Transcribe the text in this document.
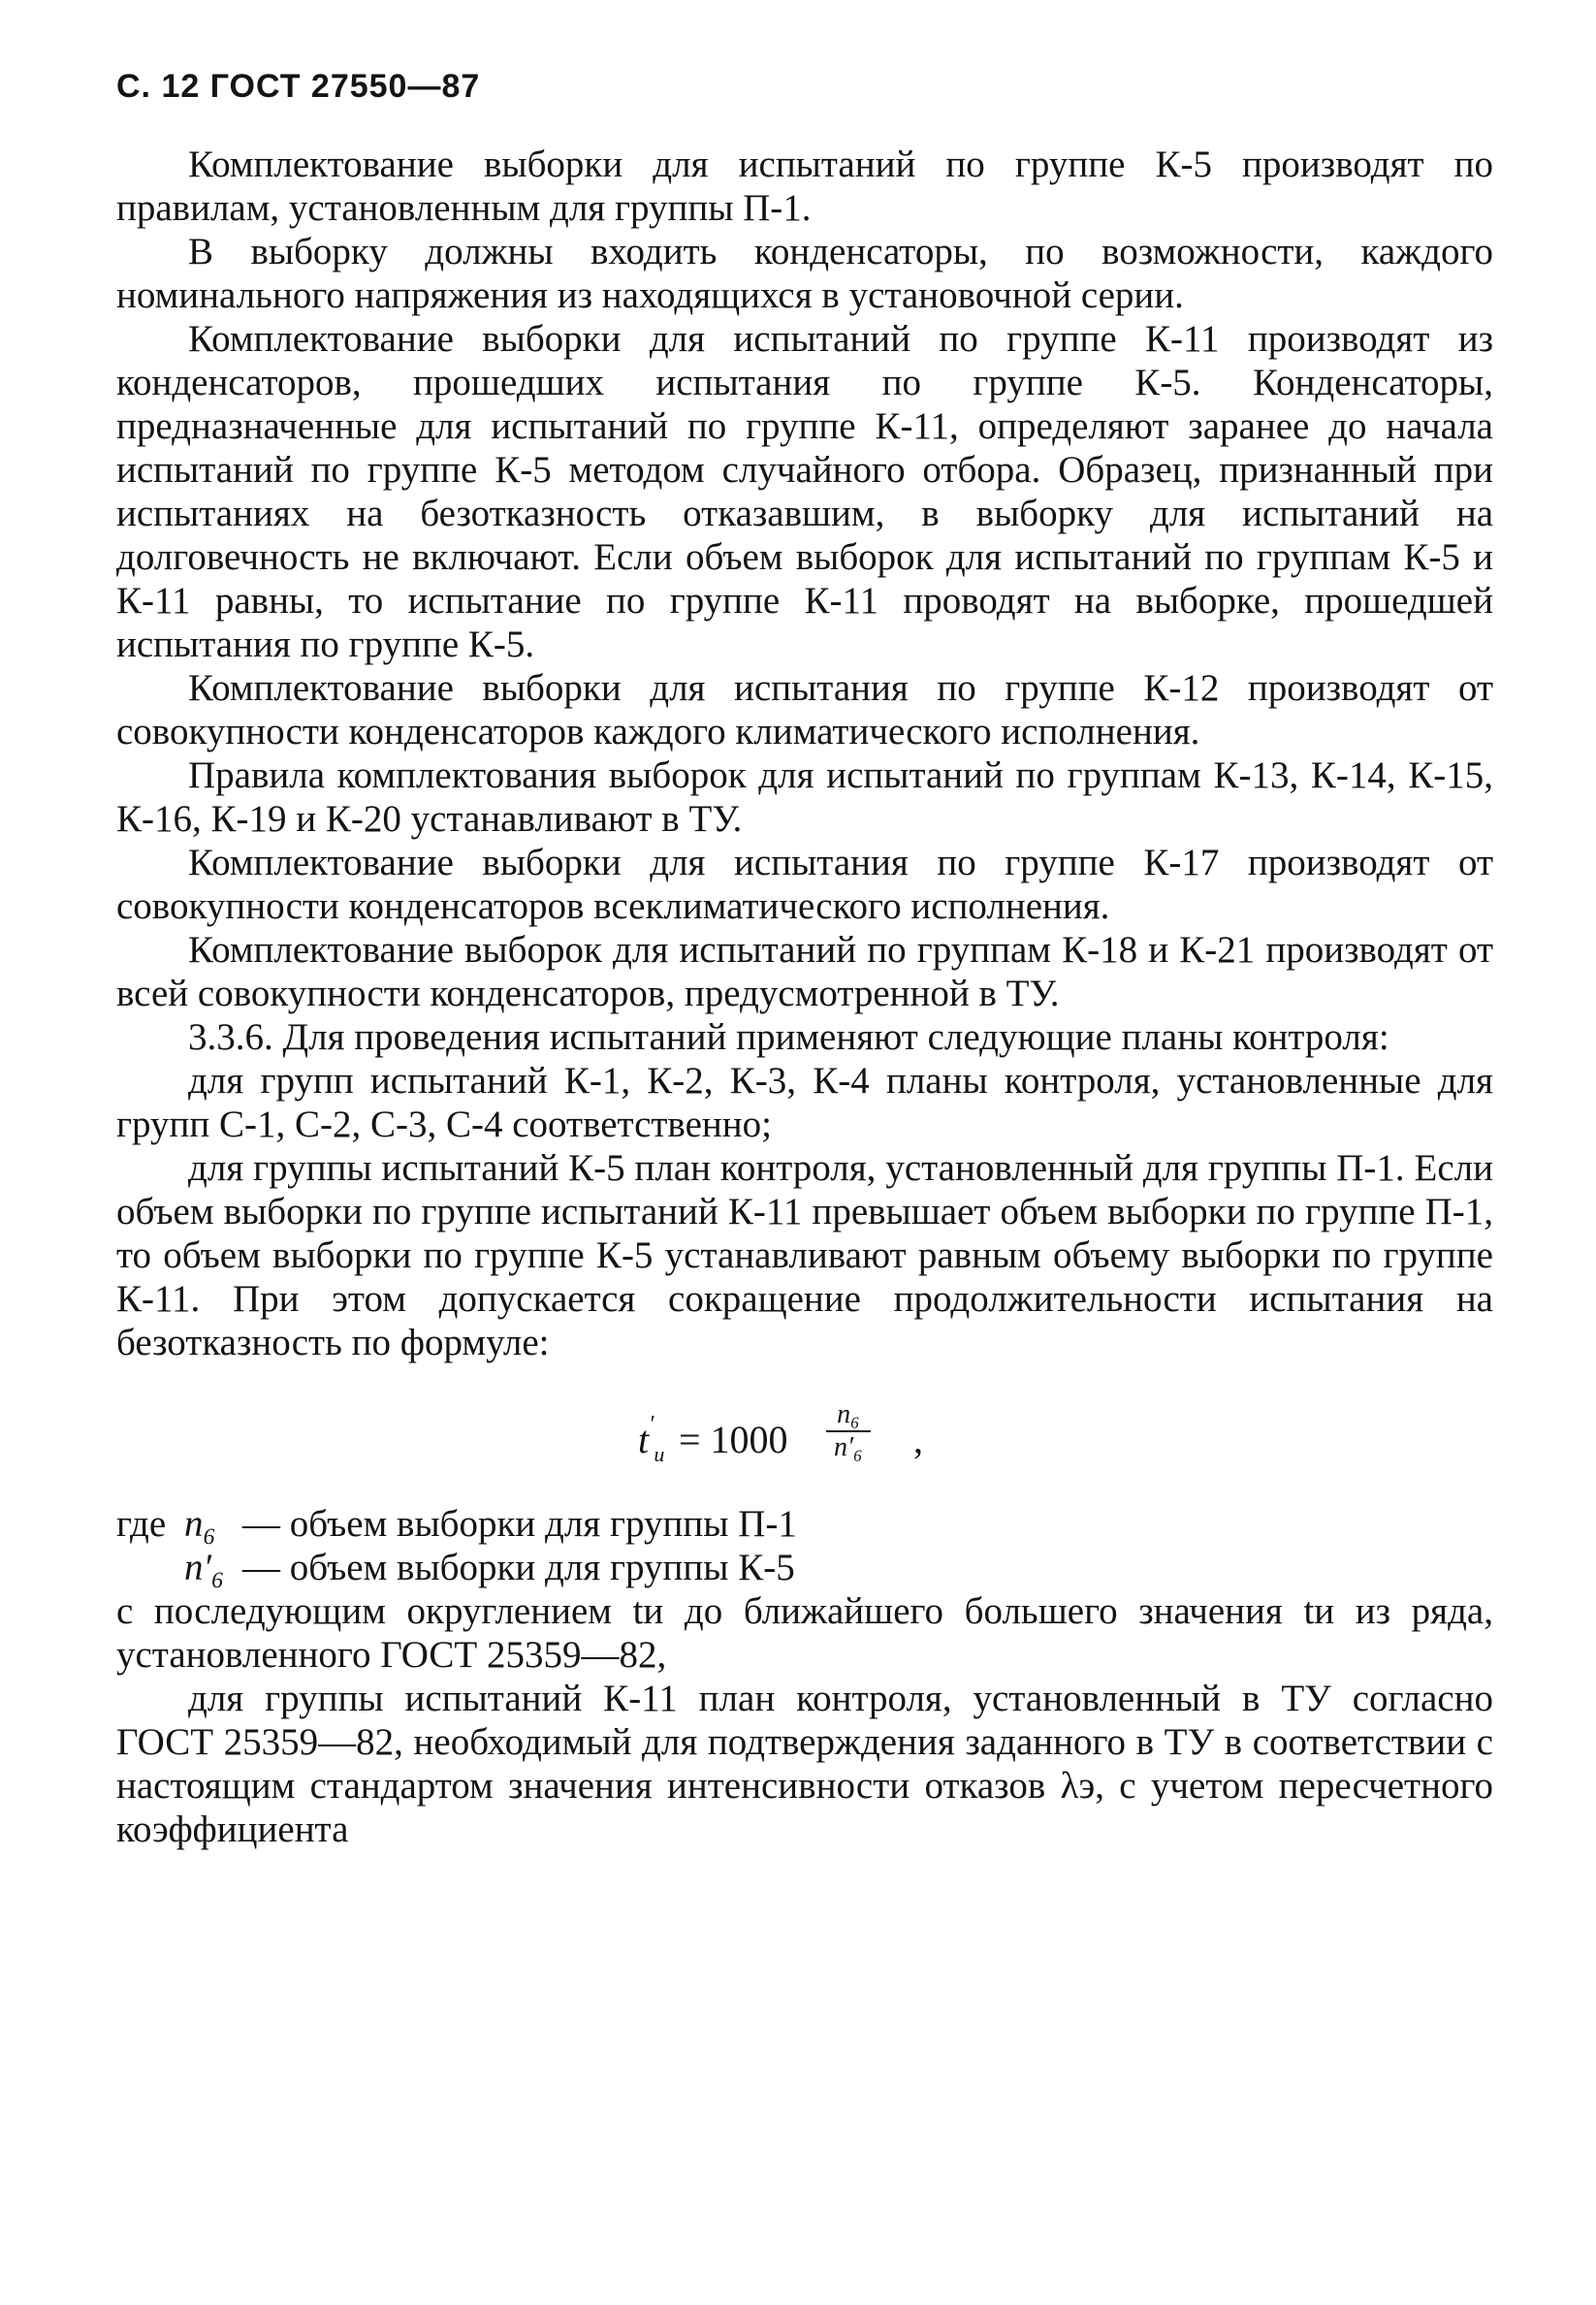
С. 12 ГОСТ 27550—87

Комплектование выборки для испытаний по группе К-5 производят по правилам, установленным для группы П-1.

В выборку должны входить конденсаторы, по возможности, каждого номинального напряжения из находящихся в установочной серии.

Комплектование выборки для испытаний по группе К-11 производят из конденсаторов, прошедших испытания по группе К-5. Конденсаторы, предназначенные для испытаний по группе К-11, определяют заранее до начала испытаний по группе К-5 методом случайного отбора. Образец, признанный при испытаниях на безотказность отказавшим, в выборку для испытаний на долговечность не включают. Если объем выборок для испытаний по группам К-5 и К-11 равны, то испытание по группе К-11 проводят на выборке, прошедшей испытания по группе К-5.

Комплектование выборки для испытания по группе К-12 производят от совокупности конденсаторов каждого климатического исполнения.

Правила комплектования выборок для испытаний по группам К-13, К-14, К-15, К-16, К-19 и К-20 устанавливают в ТУ.

Комплектование выборки для испытания по группе К-17 производят от совокупности конденсаторов всеклиматического исполнения.

Комплектование выборок для испытаний по группам К-18 и К-21 производят от всей совокупности конденсаторов, предусмотренной в ТУ.

3.3.6. Для проведения испытаний применяют следующие планы контроля:

для групп испытаний К-1, К-2, К-3, К-4 планы контроля, установленные для групп С-1, С-2, С-3, С-4 соответственно;

для группы испытаний К-5 план контроля, установленный для группы П-1. Если объем выборки по группе испытаний К-11 превышает объем выборки по группе П-1, то объем выборки по группе К-5 устанавливают равным объему выборки по группе К-11. При этом допускается сокращение продолжительности испытания на безотказность по формуле:

$t'_и = 1000 \frac{\text{n₆}}{\text{n′₆}}$ ,

где n₆ — объем выборки для группы П-1

n′₆ — объем выборки для группы К-5

с последующим округлением tи до ближайшего большего значения tи из ряда, установленного ГОСТ 25359—82,

для группы испытаний К-11 план контроля, установленный в ТУ согласно ГОСТ 25359—82, необходимый для подтверждения заданного в ТУ в соответствии с настоящим стандартом значения интенсивности отказов λэ, с учетом пересчетного коэффициента
